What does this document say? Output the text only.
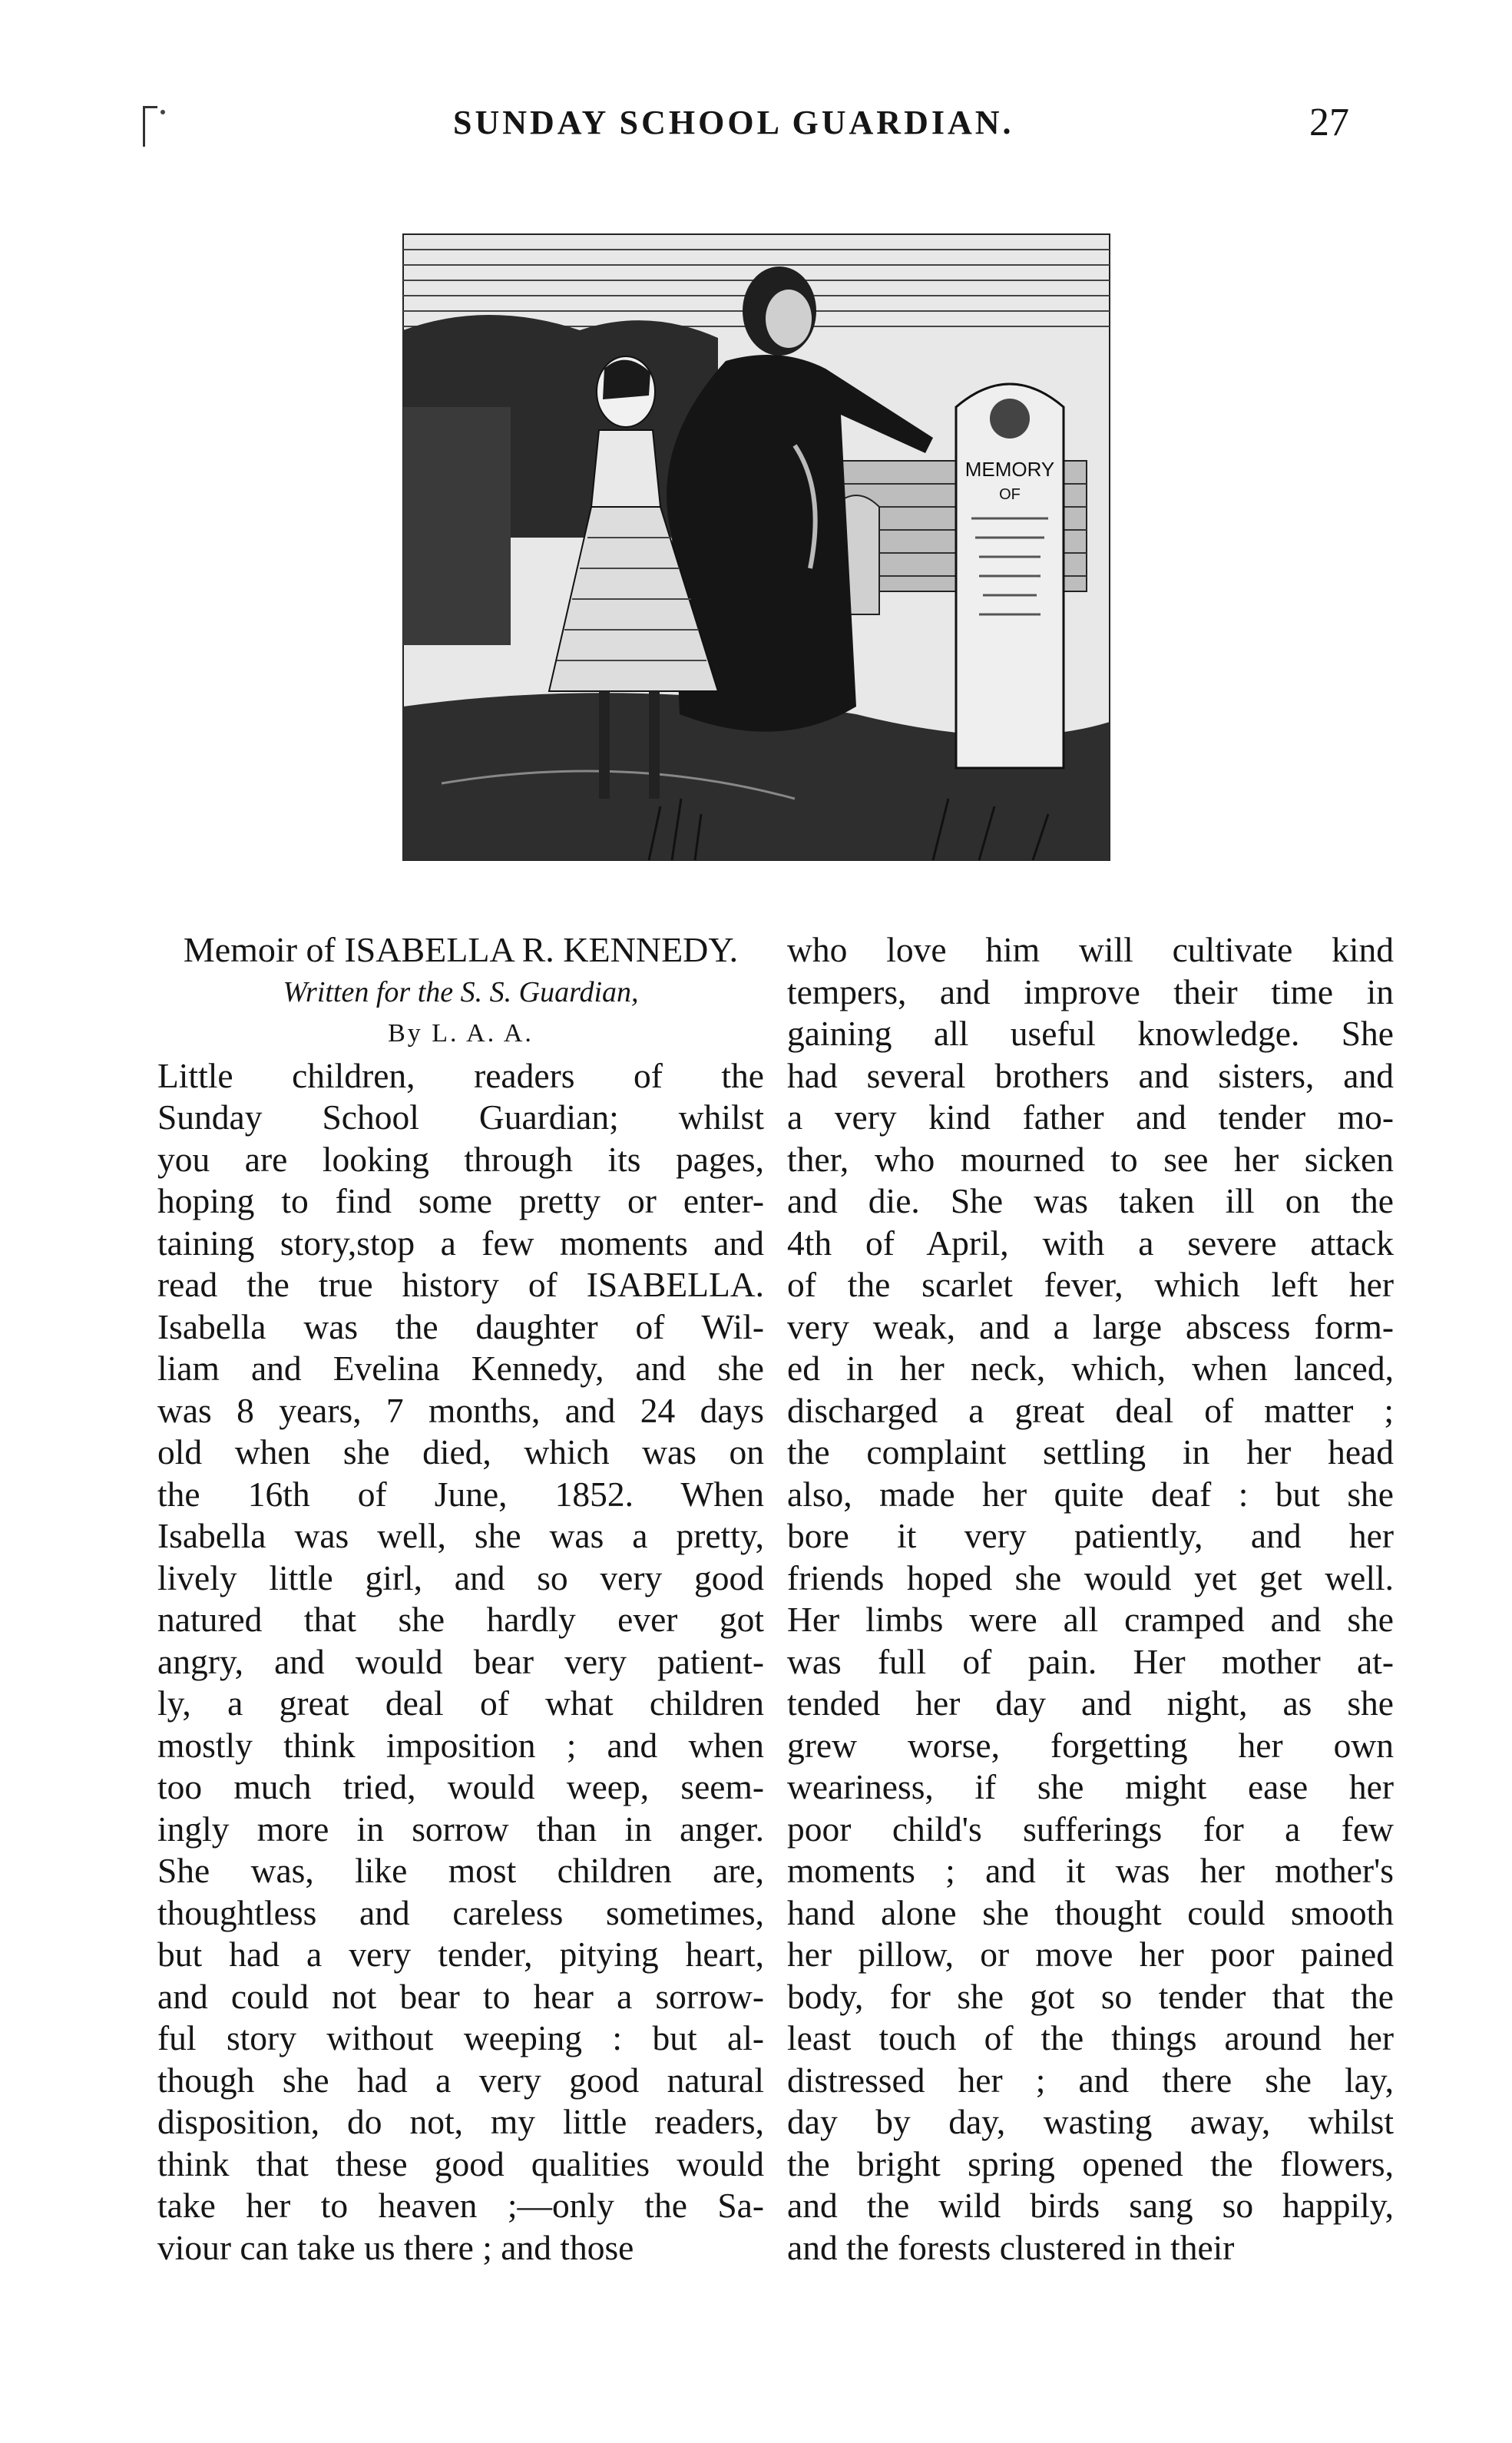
SUNDAY SCHOOL GUARDIAN.	27
MEMORY
OF
Memoir of ISABELLA R. KENNEDY.
Written for the S. S. Guardian,
By L. A. A.
Little children, readers of the
Sunday School Guardian; whilst
you are looking through its pages,
hoping to find some pretty or enter-
taining story,stop a few moments and
read the true history of ISABELLA.
Isabella was the daughter of Wil-
liam and Evelina Kennedy, and she
was 8 years, 7 months, and 24 days
old when she died, which was on
the 16th of June, 1852. When
Isabella was well, she was a pretty,
lively little girl, and so very good
natured that she hardly ever got
angry, and would bear very patient-
ly, a great deal of what children
mostly think imposition ; and when
too much tried, would weep, seem-
ingly more in sorrow than in anger.
She was, like most children are,
thoughtless and careless sometimes,
but had a very tender, pitying heart,
and could not bear to hear a sorrow-
ful story without weeping : but al-
though she had a very good natural
disposition, do not, my little readers,
think that these good qualities would
take her to heaven ;—only the Sa-
viour can take us there ; and those
who love him will cultivate kind
tempers, and improve their time in
gaining all useful knowledge. She
had several brothers and sisters, and
a very kind father and tender mo-
ther, who mourned to see her sicken
and die. She was taken ill on the
4th of April, with a severe attack
of the scarlet fever, which left her
very weak, and a large abscess form-
ed in her neck, which, when lanced,
discharged a great deal of matter ;
the complaint settling in her head
also, made her quite deaf : but she
bore it very patiently, and her
friends hoped she would yet get well.
Her limbs were all cramped and she
was full of pain. Her mother at-
tended her day and night, as she
grew worse, forgetting her own
weariness, if she might ease her
poor child's sufferings for a few
moments ; and it was her mother's
hand alone she thought could smooth
her pillow, or move her poor pained
body, for she got so tender that the
least touch of the things around her
distressed her ; and there she lay,
day by day, wasting away, whilst
the bright spring opened the flowers,
and the wild birds sang so happily,
and the forests clustered in their
